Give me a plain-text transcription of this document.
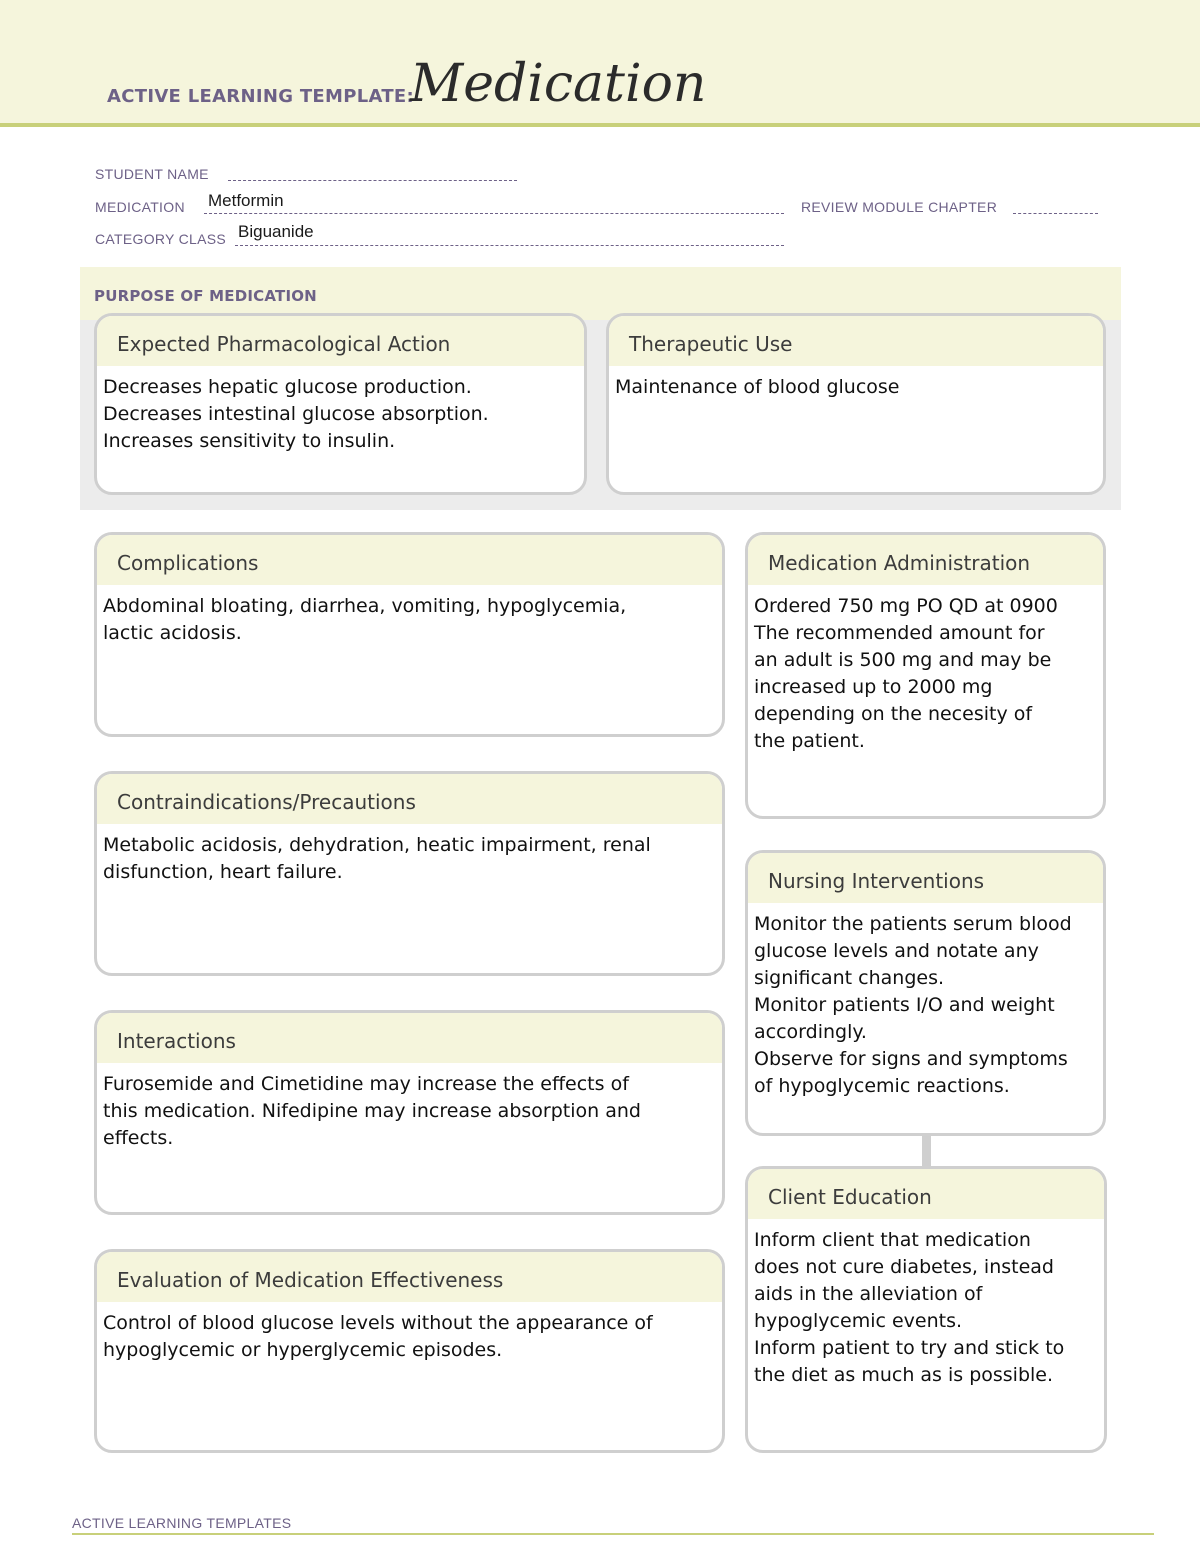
ACTIVE LEARNING TEMPLATE:
Medication
STUDENT NAME
MEDICATION Metformin	REVIEW MODULE CHAPTER
CATEGORY CLASS Biguanide
PURPOSE OF MEDICATION
Expected Pharmacological Action
Decreases hepatic glucose production.
Decreases intestinal glucose absorption.
Increases sensitivity to insulin.
Therapeutic Use
Maintenance of blood glucose
Complications
Abdominal bloating, diarrhea, vomiting, hypoglycemia,
lactic acidosis.
Contraindications/Precautions
Metabolic acidosis, dehydration, heatic impairment, renal
disfunction, heart failure.
Interactions
Furosemide and Cimetidine may increase the effects of
this medication. Nifedipine may increase absorption and
effects.
Evaluation of Medication Effectiveness
Control of blood glucose levels without the appearance of
hypoglycemic or hyperglycemic episodes.
Medication Administration
Ordered 750 mg PO QD at 0900
The recommended amount for
an adult is 500 mg and may be
increased up to 2000 mg
depending on the necesity of
the patient.
Nursing Interventions
Monitor the patients serum blood
glucose levels and notate any
significant changes.
Monitor patients I/O and weight
accordingly.
Observe for signs and symptoms
of hypoglycemic reactions.
Client Education
Inform client that medication
does not cure diabetes, instead
aids in the alleviation of
hypoglycemic events.
Inform patient to try and stick to
the diet as much as is possible.
ACTIVE LEARNING TEMPLATES
